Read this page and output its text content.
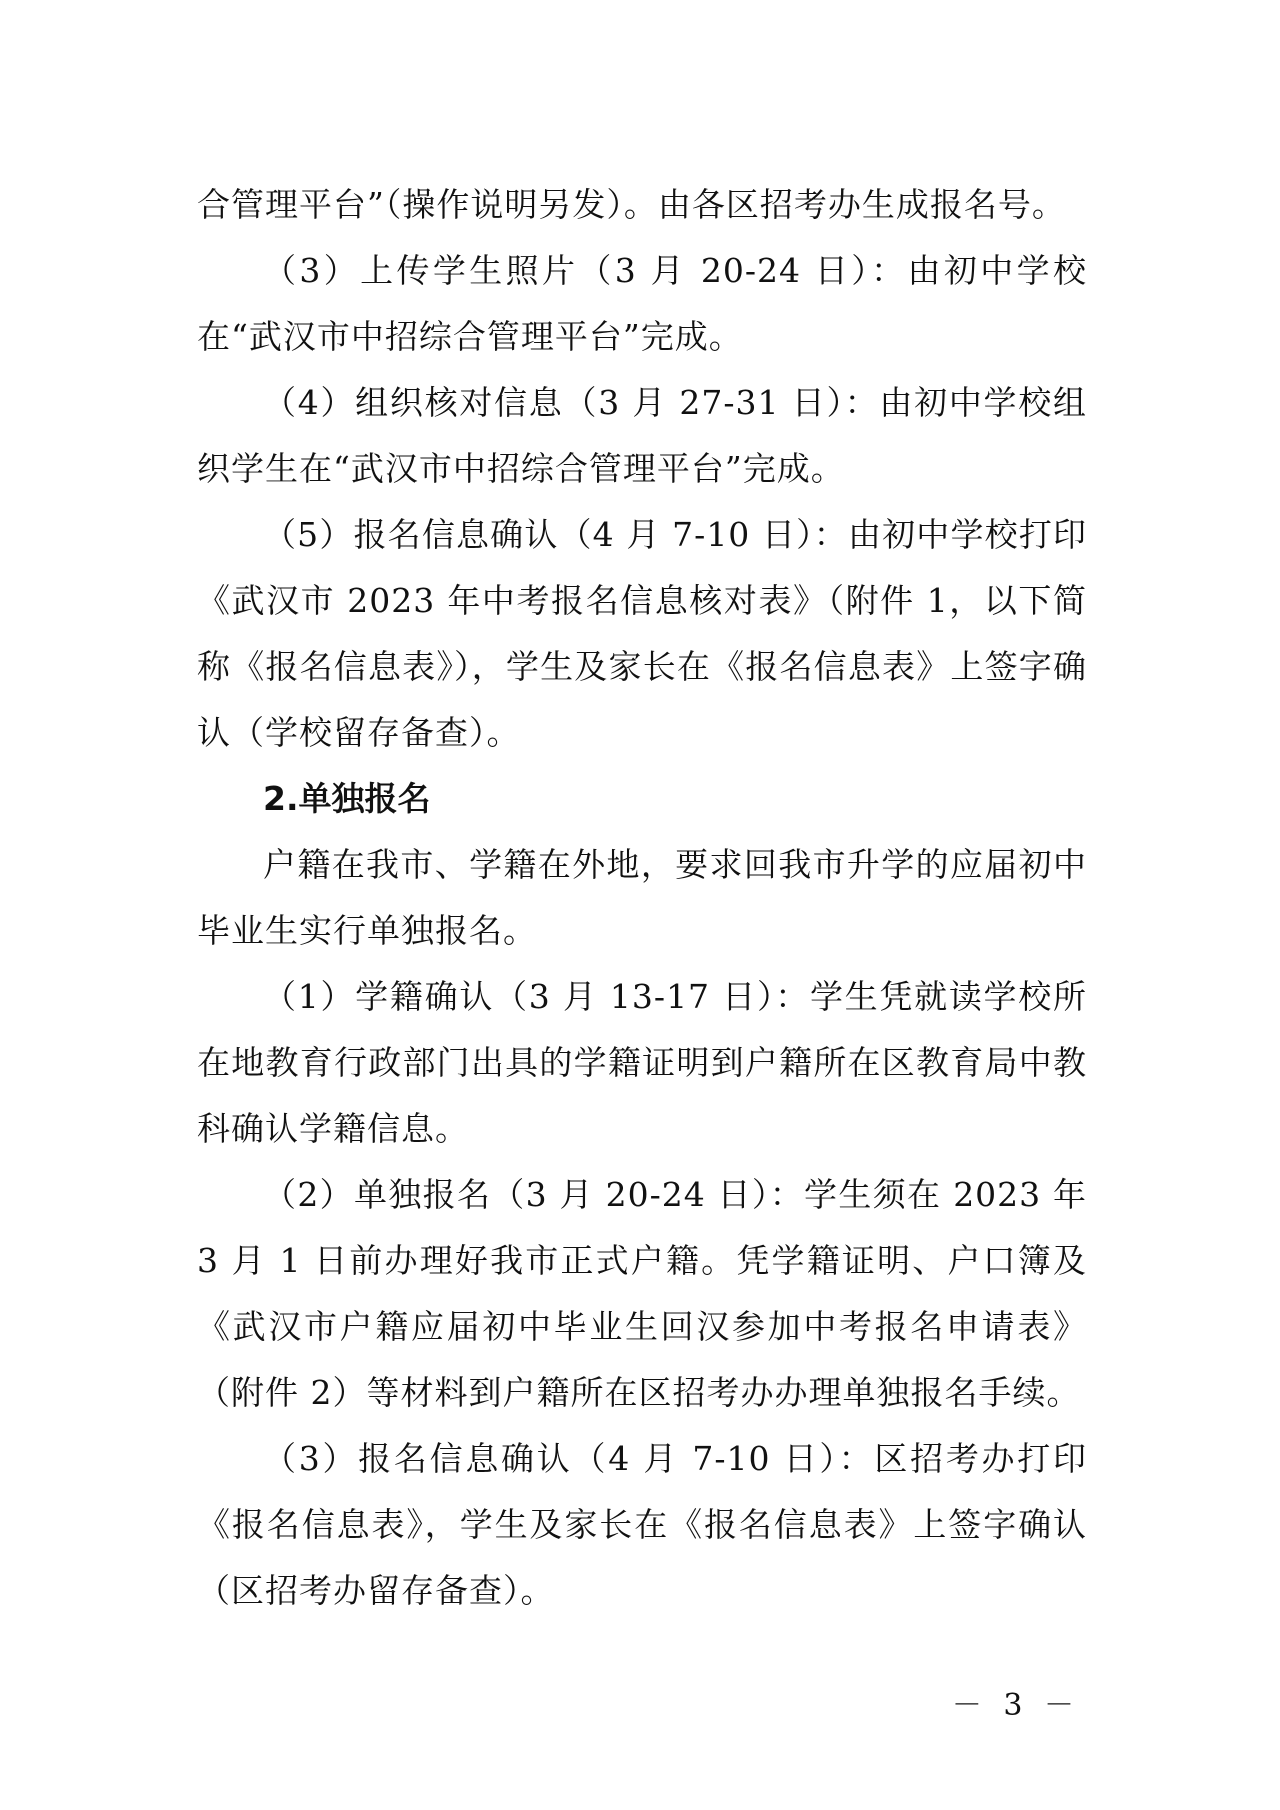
合管理平台”（操作说明另发）。由各区招考办生成报名号。

（3）上传学生照片（3 月 20-24 日）：由初中学校在“武汉市中招综合管理平台”完成。

（4）组织核对信息（3 月 27-31 日）：由初中学校组织学生在“武汉市中招综合管理平台”完成。

（5）报名信息确认（4 月 7-10 日）：由初中学校打印《武汉市 2023 年中考报名信息核对表》（附件 1，以下简称《报名信息表》），学生及家长在《报名信息表》上签字确认（学校留存备查）。

2.单独报名

户籍在我市、学籍在外地，要求回我市升学的应届初中毕业生实行单独报名。

（1）学籍确认（3 月 13-17 日）：学生凭就读学校所在地教育行政部门出具的学籍证明到户籍所在区教育局中教科确认学籍信息。

（2）单独报名（3 月 20-24 日）：学生须在 2023 年 3 月 1 日前办理好我市正式户籍。凭学籍证明、户口簿及《武汉市户籍应届初中毕业生回汉参加中考报名申请表》（附件 2）等材料到户籍所在区招考办办理单独报名手续。

（3）报名信息确认（4 月 7-10 日）：区招考办打印《报名信息表》，学生及家长在《报名信息表》上签字确认（区招考办留存备查）。

－ 3 －
